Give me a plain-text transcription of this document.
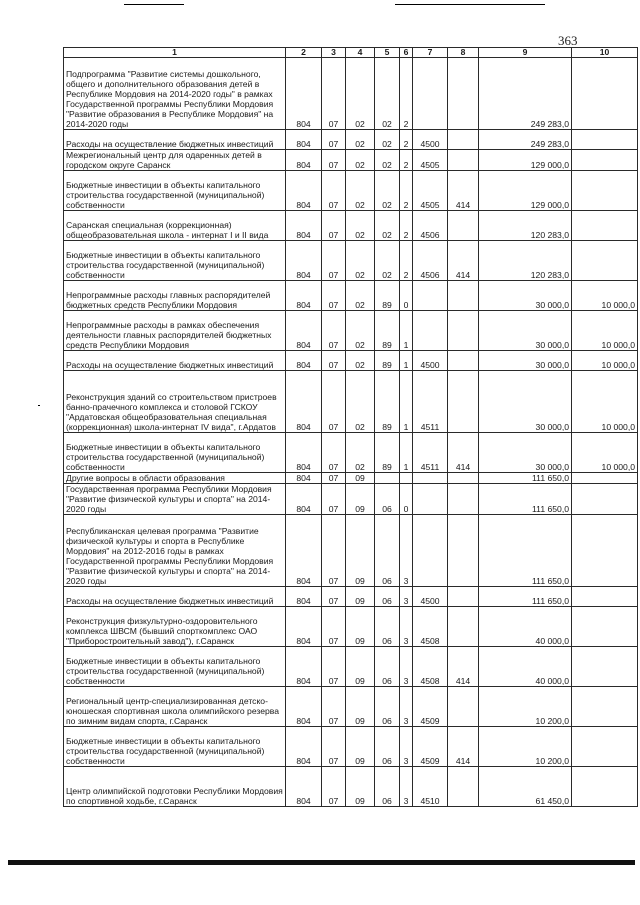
363
1	2	3	4	5	6	7	8	9	10
Подпрограмма "Развитие системы дошкольного, общего и дополнительного образования детей в Республике Мордовия на 2014-2020 годы" в рамках Государственной программы Республики Мордовия "Развитие образования в Республике Мордовия" на 2014-2020 годы	804	07	02	02	2			249 283,0	
Расходы на осуществление бюджетных инвестиций	804	07	02	02	2	4500		249 283,0	
Межрегиональный центр для одаренных детей в городском округе Саранск	804	07	02	02	2	4505		129 000,0	
Бюджетные инвестиции в объекты капитального строительства государственной (муниципальной) собственности	804	07	02	02	2	4505	414	129 000,0	
Саранская специальная (коррекционная) общеобразовательная школа - интернат I и II вида	804	07	02	02	2	4506		120 283,0	
Бюджетные инвестиции в объекты капитального строительства государственной (муниципальной) собственности	804	07	02	02	2	4506	414	120 283,0	
Непрограммные расходы главных распорядителей бюджетных средств Республики Мордовия	804	07	02	89	0			30 000,0	10 000,0
Непрограммные расходы в рамках обеспечения деятельности главных распорядителей бюджетных средств Республики Мордовия	804	07	02	89	1			30 000,0	10 000,0
Расходы на осуществление бюджетных инвестиций	804	07	02	89	1	4500		30 000,0	10 000,0
Реконструкция зданий со строительством пристроев банно-прачечного комплекса и столовой ГСКОУ "Ардатовская общеобразовательная специальная (коррекционная) школа-интернат IV вида", г.Ардатов	804	07	02	89	1	4511		30 000,0	10 000,0
Бюджетные инвестиции в объекты капитального строительства государственной (муниципальной) собственности	804	07	02	89	1	4511	414	30 000,0	10 000,0
Другие вопросы в области образования	804	07	09					111 650,0	
Государственная программа Республики Мордовия "Развитие физической культуры и спорта" на 2014-2020 годы	804	07	09	06	0			111 650,0	
Республиканская целевая программа "Развитие физической культуры и спорта в Республике Мордовия" на 2012-2016 годы в рамках Государственной программы Республики Мордовия "Развитие физической культуры и спорта" на 2014-2020 годы	804	07	09	06	3			111 650,0	
Расходы на осуществление бюджетных инвестиций	804	07	09	06	3	4500		111 650,0	
Реконструкция физкультурно-оздоровительного комплекса ШВСМ (бывший спорткомплекс ОАО "Приборостроительный завод"), г.Саранск	804	07	09	06	3	4508		40 000,0	
Бюджетные инвестиции в объекты капитального строительства государственной (муниципальной) собственности	804	07	09	06	3	4508	414	40 000,0	
Региональный центр-специализированная детско-юношеская спортивная школа олимпийского резерва по зимним видам спорта, г.Саранск	804	07	09	06	3	4509		10 200,0	
Бюджетные инвестиции в объекты капитального строительства государственной (муниципальной) собственности	804	07	09	06	3	4509	414	10 200,0	
Центр олимпийской подготовки Республики Мордовия по спортивной ходьбе, г.Саранск	804	07	09	06	3	4510		61 450,0	
